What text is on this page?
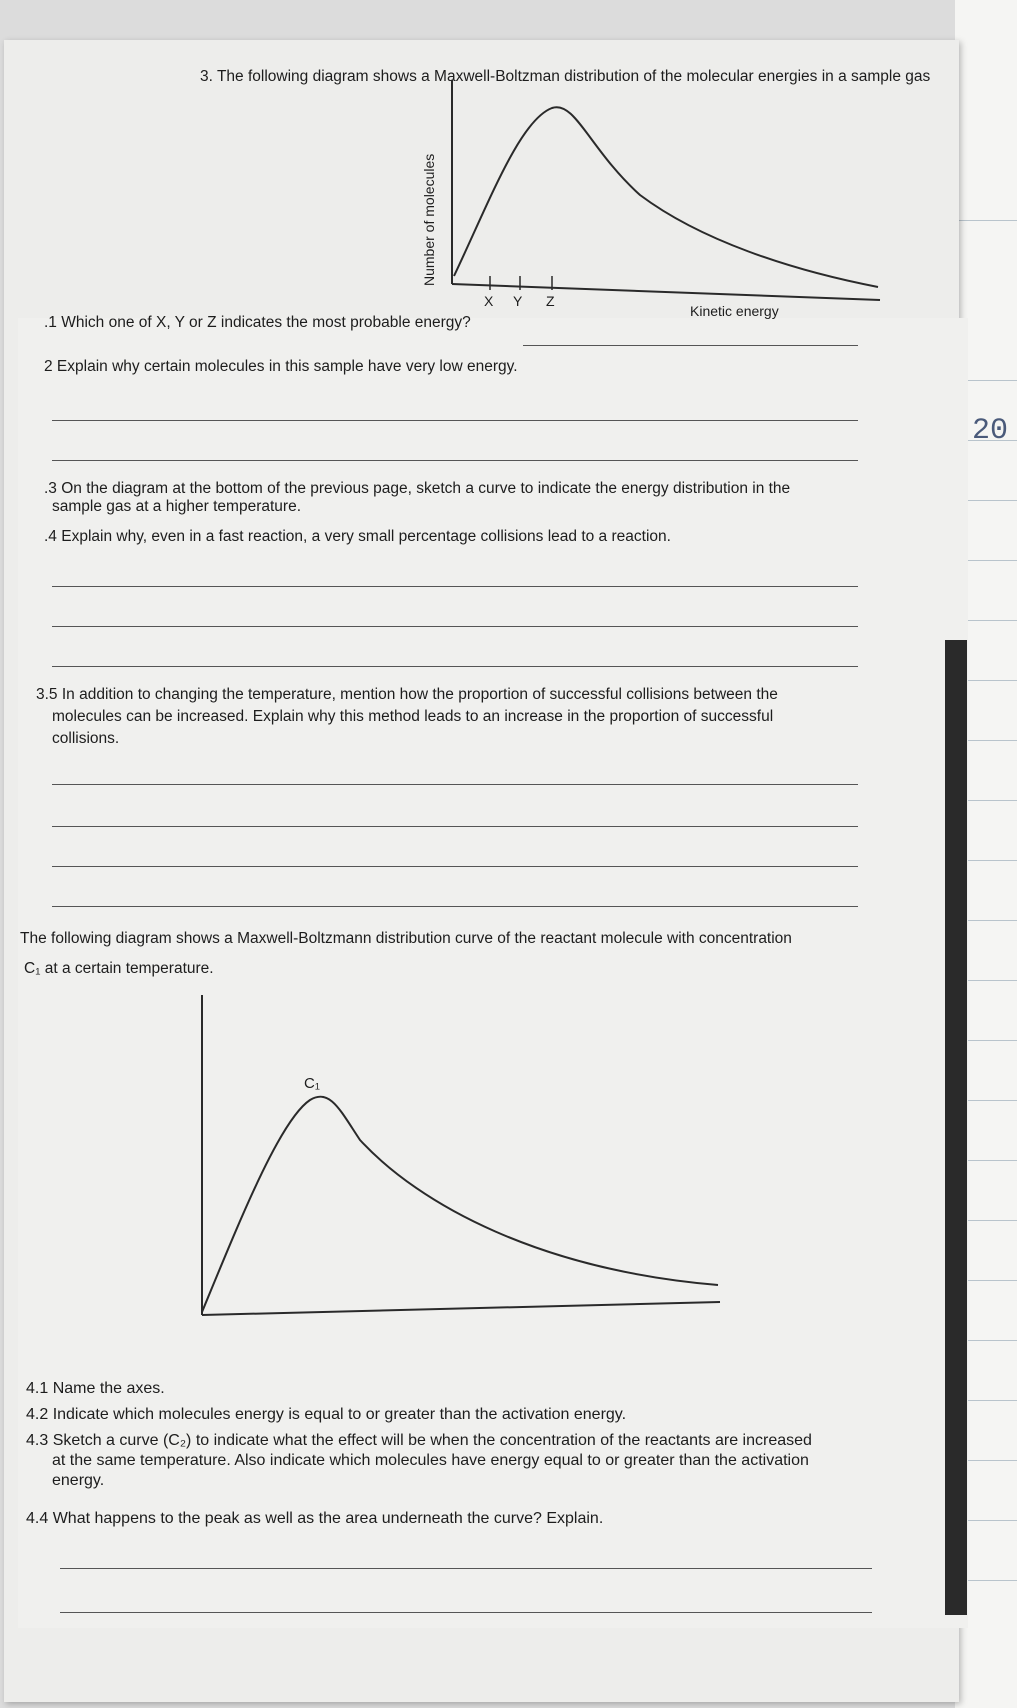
20
3. The following diagram shows a Maxwell-Boltzman distribution of the molecular energies in a sample gas
Number of molecules
X Y Z
Kinetic energy
.1 Which one of X, Y or Z indicates the most probable energy?
2 Explain why certain molecules in this sample have very low energy.
.3 On the diagram at the bottom of the previous page, sketch a curve to indicate the energy distribution in the
sample gas at a higher temperature.
.4 Explain why, even in a fast reaction, a very small percentage collisions lead to a reaction.
3.5 In addition to changing the temperature, mention how the proportion of successful collisions between the
molecules can be increased. Explain why this method leads to an increase in the proportion of successful
collisions.
The following diagram shows a Maxwell-Boltzmann distribution curve of the reactant molecule with concentration
C₁ at a certain temperature.
C₁
4.1 Name the axes.
4.2 Indicate which molecules energy is equal to or greater than the activation energy.
4.3 Sketch a curve (C₂) to indicate what the effect will be when the concentration of the reactants are increased
at the same temperature. Also indicate which molecules have energy equal to or greater than the activation
energy.
4.4 What happens to the peak as well as the area underneath the curve? Explain.
